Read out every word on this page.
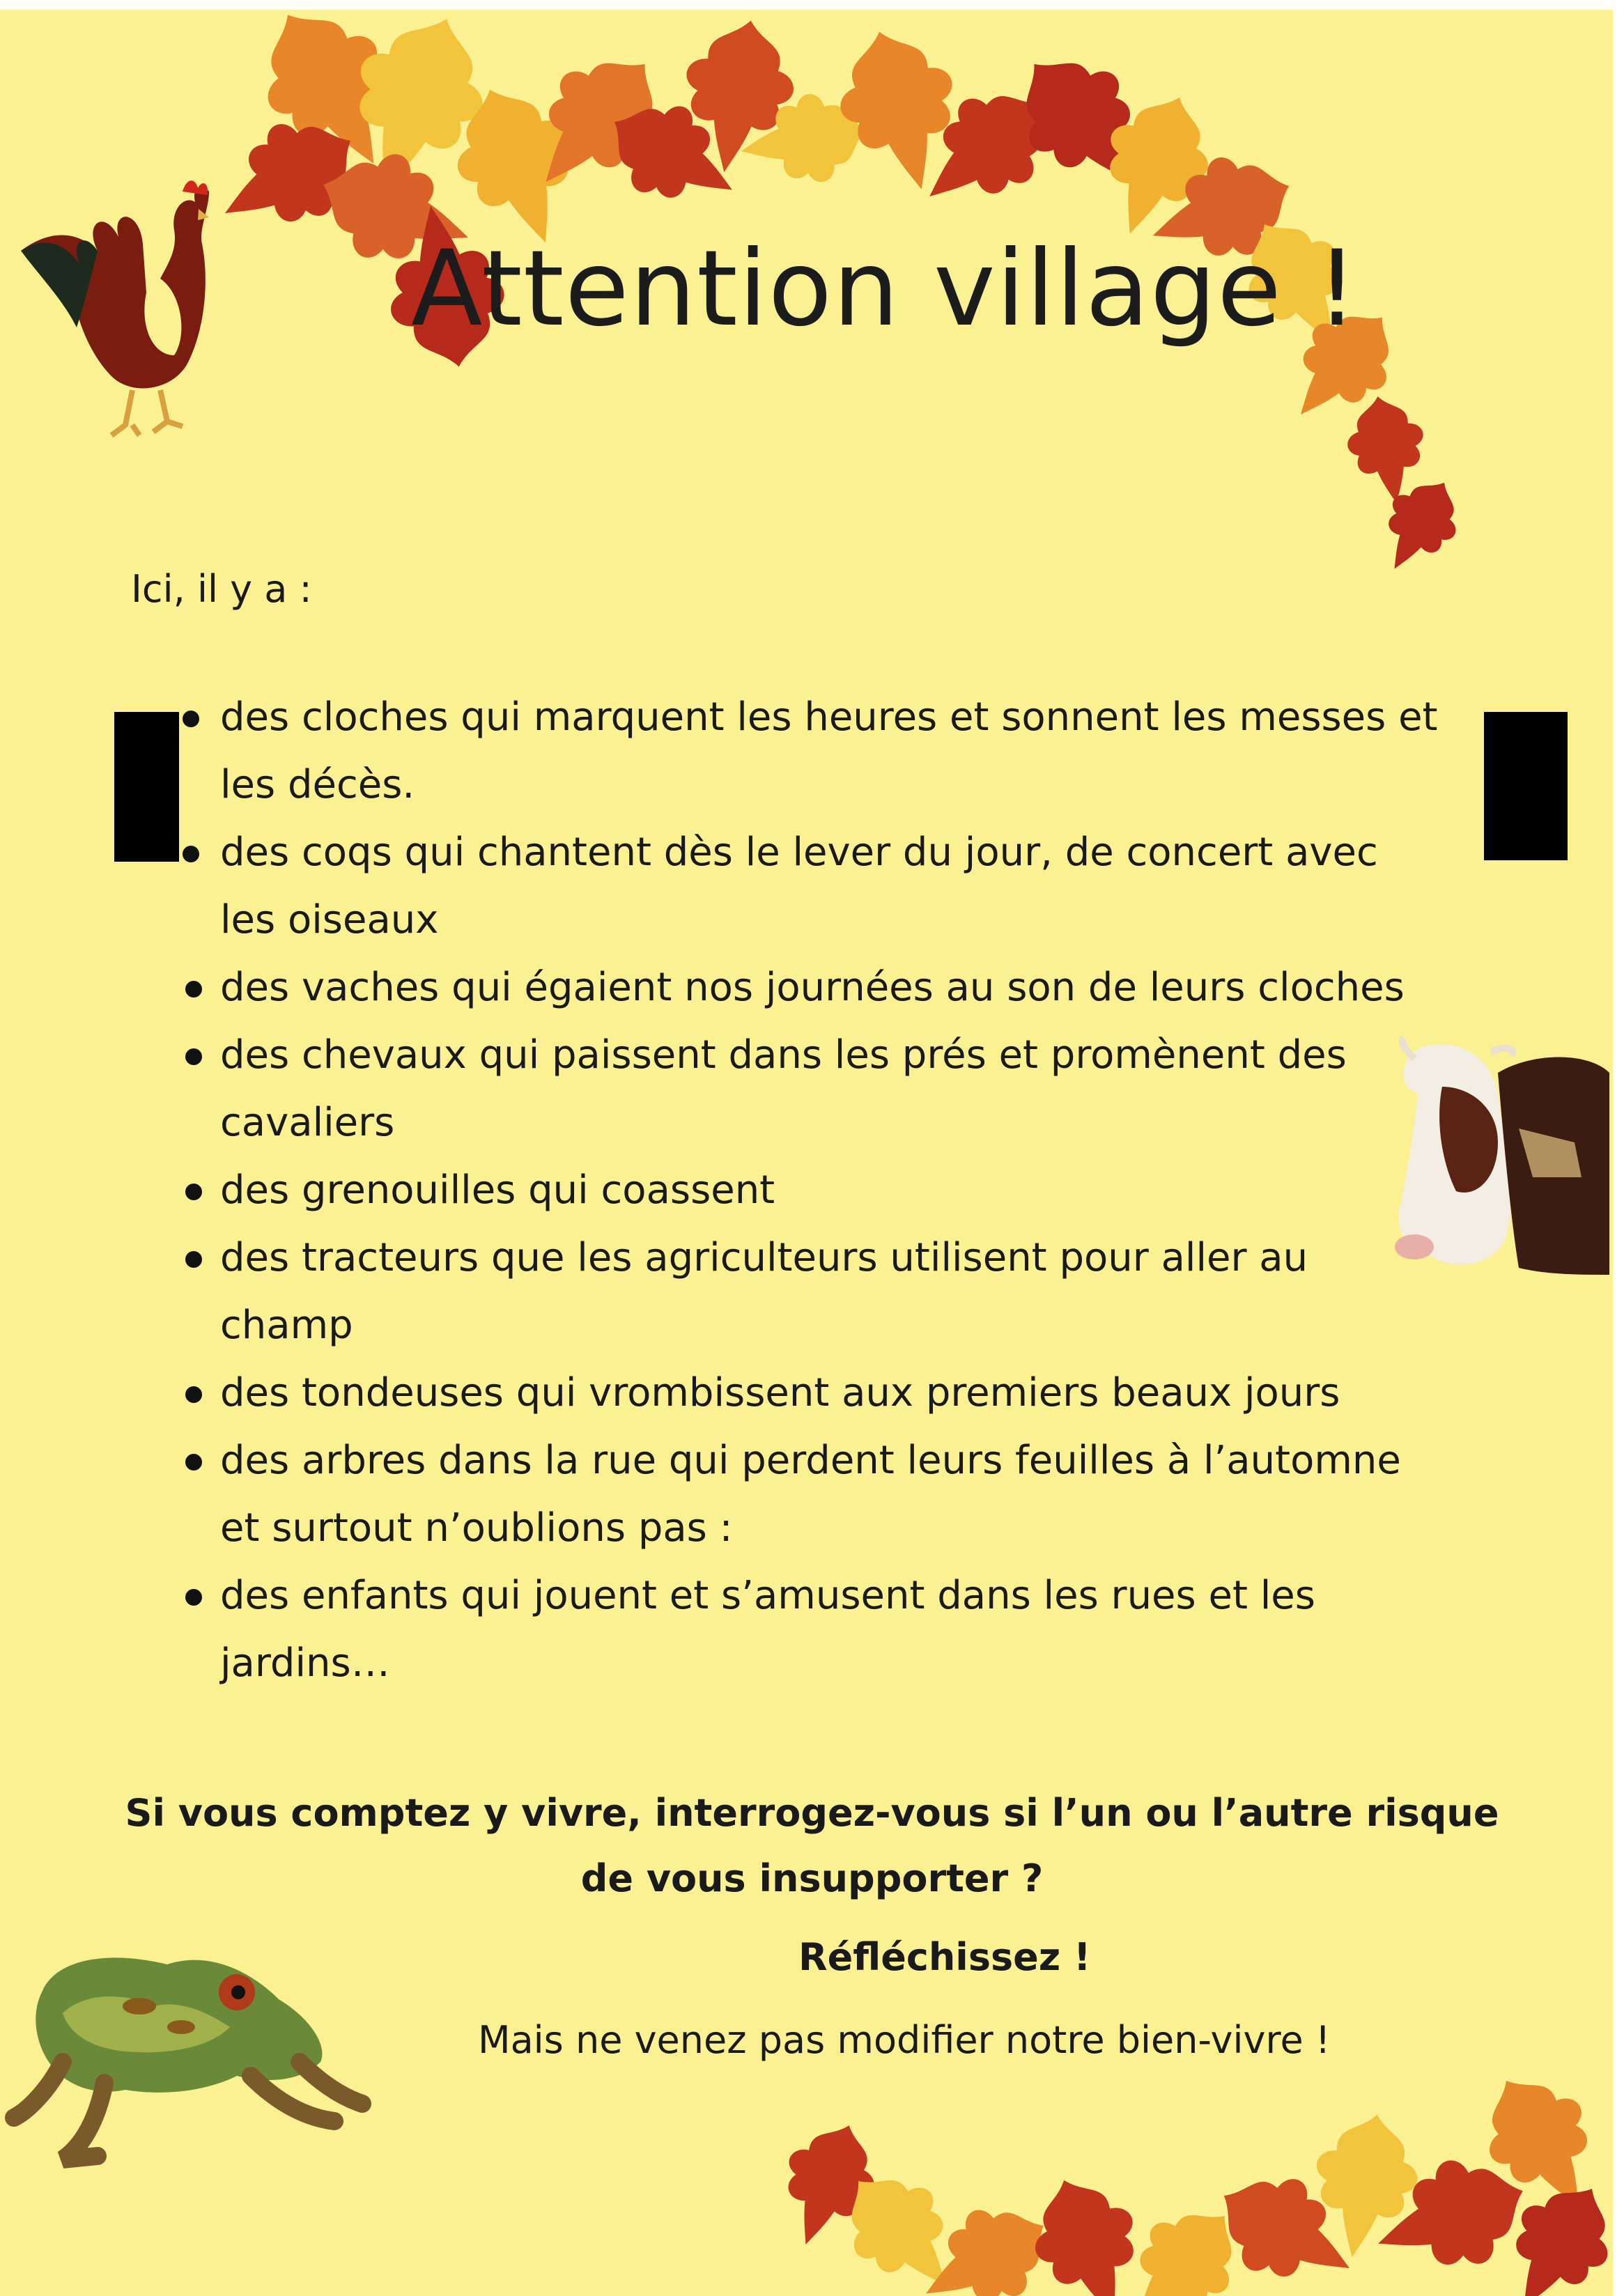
Attention village !
Ici, il y a :
des cloches qui marquent les heures et sonnent les messes et
les décès.
des coqs qui chantent dès le lever du jour, de concert avec
les oiseaux
des vaches qui égaient nos journées au son de leurs cloches
des chevaux qui paissent dans les prés et promènent des
cavaliers
des grenouilles qui coassent
des tracteurs que les agriculteurs utilisent pour aller au
champ
des tondeuses qui vrombissent aux premiers beaux jours
des arbres dans la rue qui perdent leurs feuilles à l’automne
et surtout n’oublions pas :
des enfants qui jouent et s’amusent dans les rues et les
jardins…
Si vous comptez y vivre, interrogez-vous si l’un ou l’autre risque
de vous insupporter ?
Réfléchissez !
Mais ne venez pas modifier notre bien-vivre !
